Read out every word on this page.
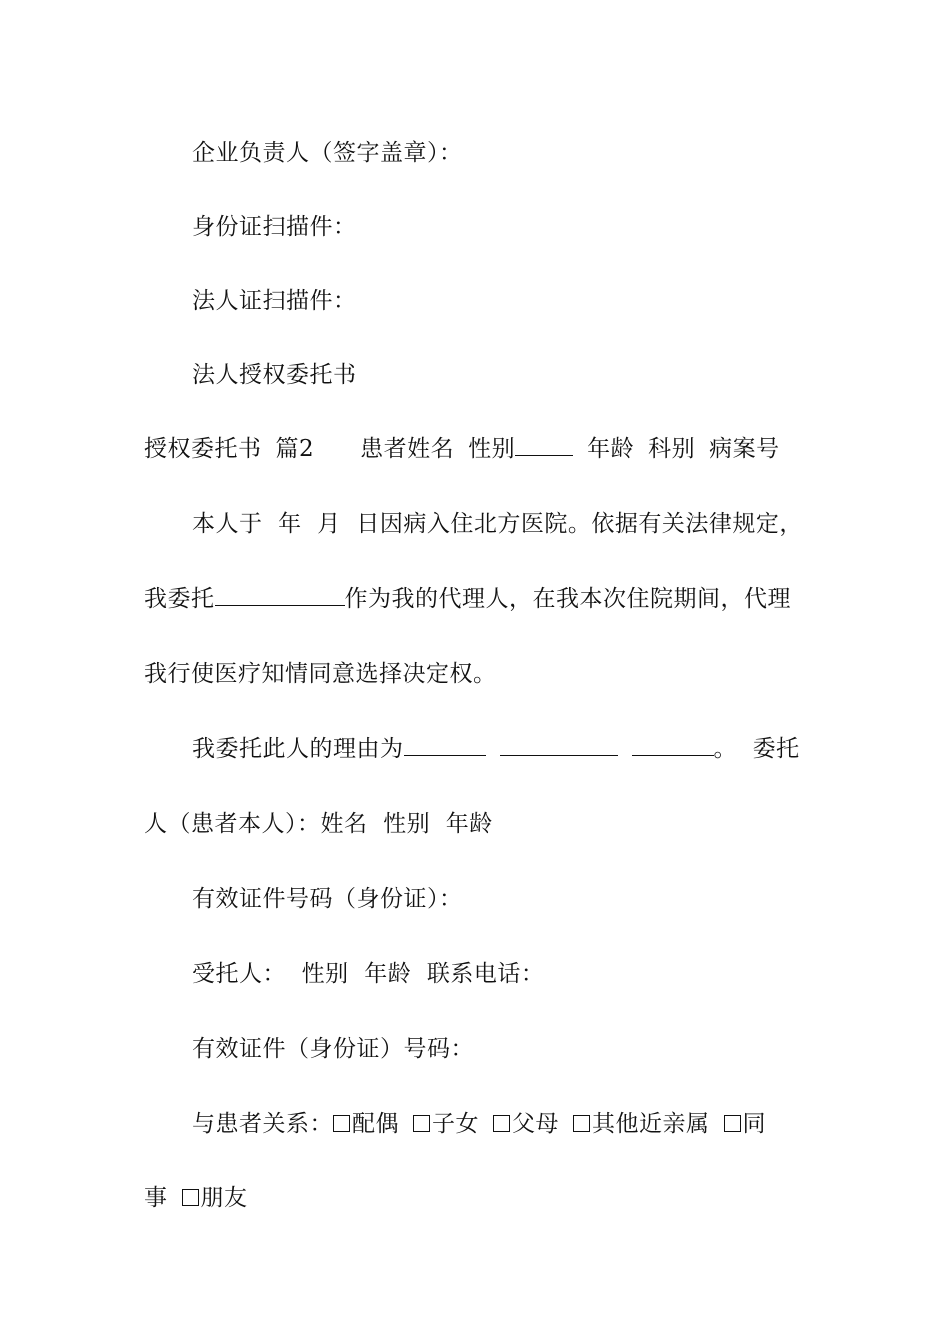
企业负责人（签字盖章）：
身份证扫描件：
法人证扫描件：
法人授权委托书
授权委托书 篇2 患者姓名 性别	年龄 科别 病案号
本人于  年  月  日因病入住北方医院。依据有关法律规定，
我委托	作为我的代理人，在我本次住院期间，代理
我行使医疗知情同意选择决定权。
我委托此人的理由为	。  委托
人（患者本人）：姓名  性别  年龄
有效证件号码（身份证）：
受托人：  性别  年龄  联系电话：
有效证件（身份证）号码：
与患者关系： 配偶 子女 父母 其他近亲属 同
事 朋友
